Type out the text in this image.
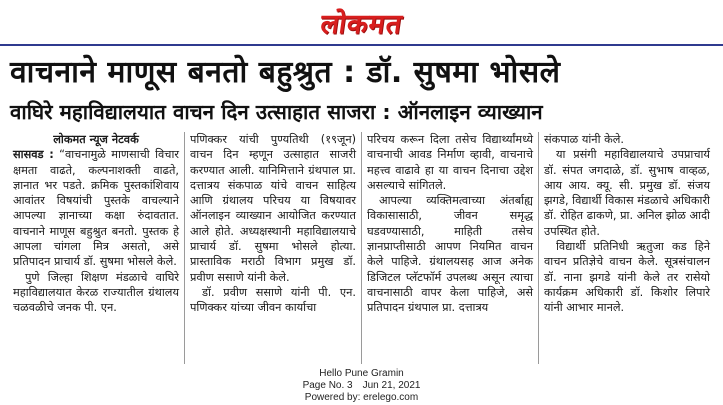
लोकमत
वाचनाने माणूस बनतो बहुश्रुत : डॉ. सुषमा भोसले
वाघिरे महाविद्यालयात वाचन दिन उत्साहात साजरा : ऑनलाइन व्याख्यान

लोकमत न्यूज नेटवर्क

सासवड : “वाचनामुळे माणसाची विचार क्षमता वाढते, कल्पनाशक्ती वाढते, ज्ञानात भर पडते. क्रमिक पुस्तकांशिवाय आवांतर विषयांची पुस्तके वाचल्याने आपल्या ज्ञानाच्या कक्षा रुंदावतात. वाचनाने माणूस बहुश्रुत बनतो. पुस्तक हे आपला चांगला मित्र असतो, असे प्रतिपादन प्राचार्य डॉ. सुषमा भोसले केले.

पुणे जिल्हा शिक्षण मंडळाचे वाघिरे महाविद्यालयात केरळ राज्यातील ग्रंथालय चळवळीचे जनक पी. एन.

पणिक्कर यांची पुण्यतिथी (१९जून) वाचन दिन म्हणून उत्साहात साजरी करण्यात आली. यानिमित्ताने ग्रंथपाल प्रा. दत्तात्रय संकपाळ यांचे वाचन साहित्य आणि ग्रंथालय परिचय या विषयावर ऑनलाइन व्याख्यान आयोजित करण्यात आले होते. अध्यक्षस्थानी महाविद्यालयाचे प्राचार्य डॉ. सुषमा भोसले होत्या. प्रास्ताविक मराठी विभाग प्रमुख डॉ. प्रवीण ससाणे यांनी केले.

डॉ. प्रवीण ससाणे यांनी पी. एन. पणिक्कर यांच्या जीवन कार्याचा

परिचय करून दिला तसेच विद्यार्थ्यांमध्ये वाचनाची आवड निर्माण व्हावी, वाचनाचे महत्त्व वाढावे हा या वाचन दिनाचा उद्देश असल्याचे सांगितले.

आपल्या व्यक्तिमत्वाच्या अंतर्बाह्य विकासासाठी, जीवन समृद्ध घडवण्यासाठी, माहिती तसेच ज्ञानप्राप्तीसाठी आपण नियमित वाचन केले पाहिजे. ग्रंथालयसह आज अनेक डिजिटल प्लॅटफॉर्म उपलब्ध असून त्याचा वाचनासाठी वापर केला पाहिजे, असे प्रतिपादन ग्रंथपाल प्रा. दत्तात्रय

संकपाळ यांनी केले.

या प्रसंगी महाविद्यालयाचे उपप्राचार्य डॉ. संपत जगदाळे, डॉ. सुभाष वाव्हळ, आय आय. क्यू. सी. प्रमुख डॉ. संजय झगडे, विद्यार्थी विकास मंडळाचे अधिकारी डॉ. रोहित ढाकणे, प्रा. अनिल झोळ आदी उपस्थित होते.

विद्यार्थी प्रतिनिधी ऋतुजा कड हिने वाचन प्रतिज्ञेचे वाचन केले. सूत्रसंचालन डॉ. नाना झगडे यांनी केले तर रासेयो कार्यक्रम अधिकारी डॉ. किशोर लिपारे यांनी आभार मानले.

Hello Pune Gramin
Page No. 3 Jun 21, 2021
Powered by: erelego.com
